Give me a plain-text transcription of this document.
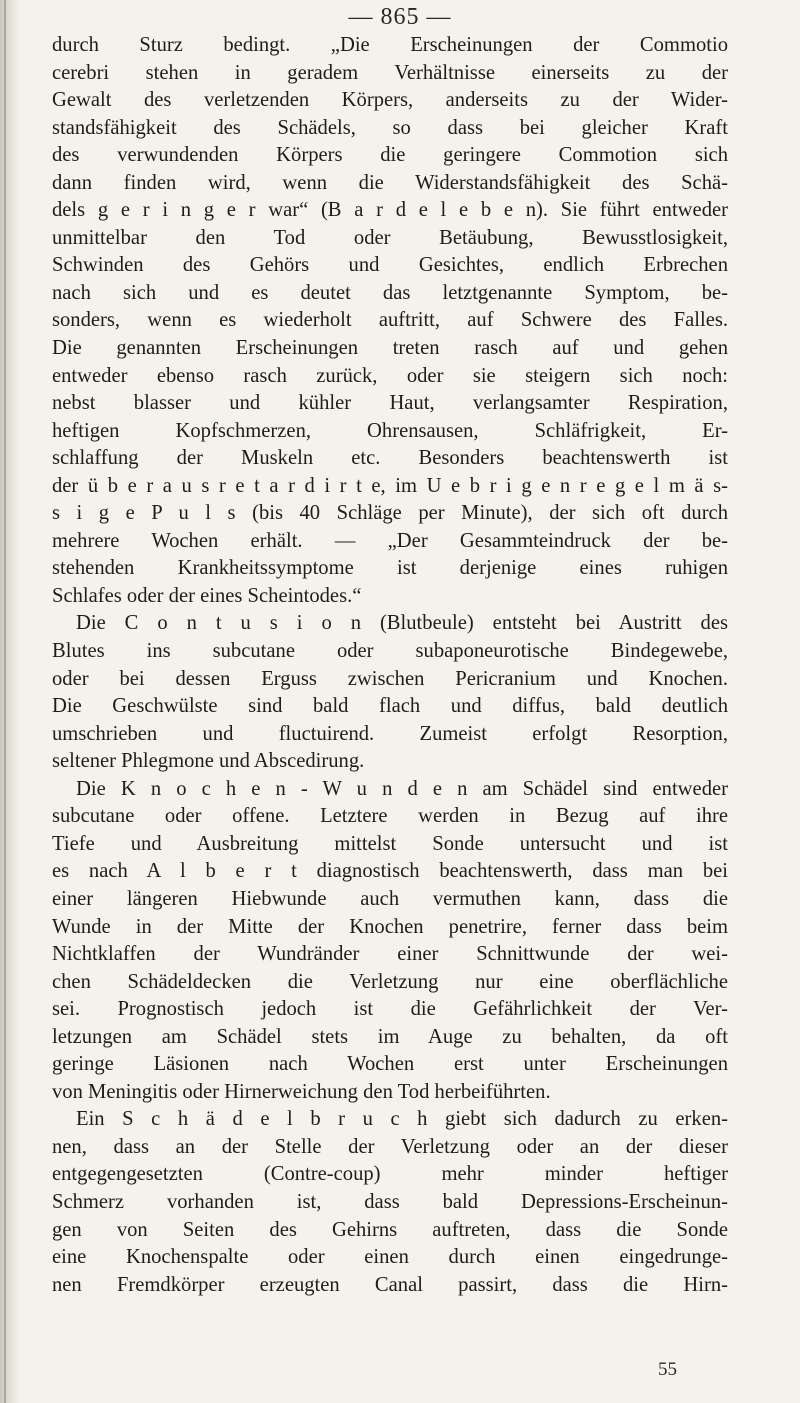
— 865 —
durch Sturz bedingt. „Die Erscheinungen der Commotio
cerebri stehen in geradem Verhältnisse einerseits zu der
Gewalt des verletzenden Körpers, anderseits zu der Wider-
standsfähigkeit des Schädels, so dass bei gleicher Kraft
des verwundenden Körpers die geringere Commotion sich
dann finden wird, wenn die Widerstandsfähigkeit des Schä-
dels g e r i n g e r war“ (B a r d e l e b e n). Sie führt entweder
unmittelbar den Tod oder Betäubung, Bewusstlosigkeit,
Schwinden des Gehörs und Gesichtes, endlich Erbrechen
nach sich und es deutet das letztgenannte Symptom, be-
sonders, wenn es wiederholt auftritt, auf Schwere des Falles.
Die genannten Erscheinungen treten rasch auf und gehen
entweder ebenso rasch zurück, oder sie steigern sich noch:
nebst blasser und kühler Haut, verlangsamter Respiration,
heftigen Kopfschmerzen, Ohrensausen, Schläfrigkeit, Er-
schlaffung der Muskeln etc. Besonders beachtenswerth ist
der ü b e r a u s r e t a r d i r t e, im U e b r i g e n r e g e l m ä s-
s i g e P u l s (bis 40 Schläge per Minute), der sich oft durch
mehrere Wochen erhält. — „Der Gesammteindruck der be-
stehenden Krankheitssymptome ist derjenige eines ruhigen
Schlafes oder der eines Scheintodes.“
Die C o n t u s i o n (Blutbeule) entsteht bei Austritt des
Blutes ins subcutane oder subaponeurotische Bindegewebe,
oder bei dessen Erguss zwischen Pericranium und Knochen.
Die Geschwülste sind bald flach und diffus, bald deutlich
umschrieben und fluctuirend. Zumeist erfolgt Resorption,
seltener Phlegmone und Abscedirung.
Die K n o c h e n - W u n d e n am Schädel sind entweder
subcutane oder offene. Letztere werden in Bezug auf ihre
Tiefe und Ausbreitung mittelst Sonde untersucht und ist
es nach A l b e r t diagnostisch beachtenswerth, dass man bei
einer längeren Hiebwunde auch vermuthen kann, dass die
Wunde in der Mitte der Knochen penetrire, ferner dass beim
Nichtklaffen der Wundränder einer Schnittwunde der wei-
chen Schädeldecken die Verletzung nur eine oberflächliche
sei. Prognostisch jedoch ist die Gefährlichkeit der Ver-
letzungen am Schädel stets im Auge zu behalten, da oft
geringe Läsionen nach Wochen erst unter Erscheinungen
von Meningitis oder Hirnerweichung den Tod herbeiführten.
Ein S c h ä d e l b r u c h giebt sich dadurch zu erken-
nen, dass an der Stelle der Verletzung oder an der dieser
entgegengesetzten (Contre-coup) mehr minder heftiger
Schmerz vorhanden ist, dass bald Depressions-Erscheinun-
gen von Seiten des Gehirns auftreten, dass die Sonde
eine Knochenspalte oder einen durch einen eingedrunge-
nen Fremdkörper erzeugten Canal passirt, dass die Hirn-
55
